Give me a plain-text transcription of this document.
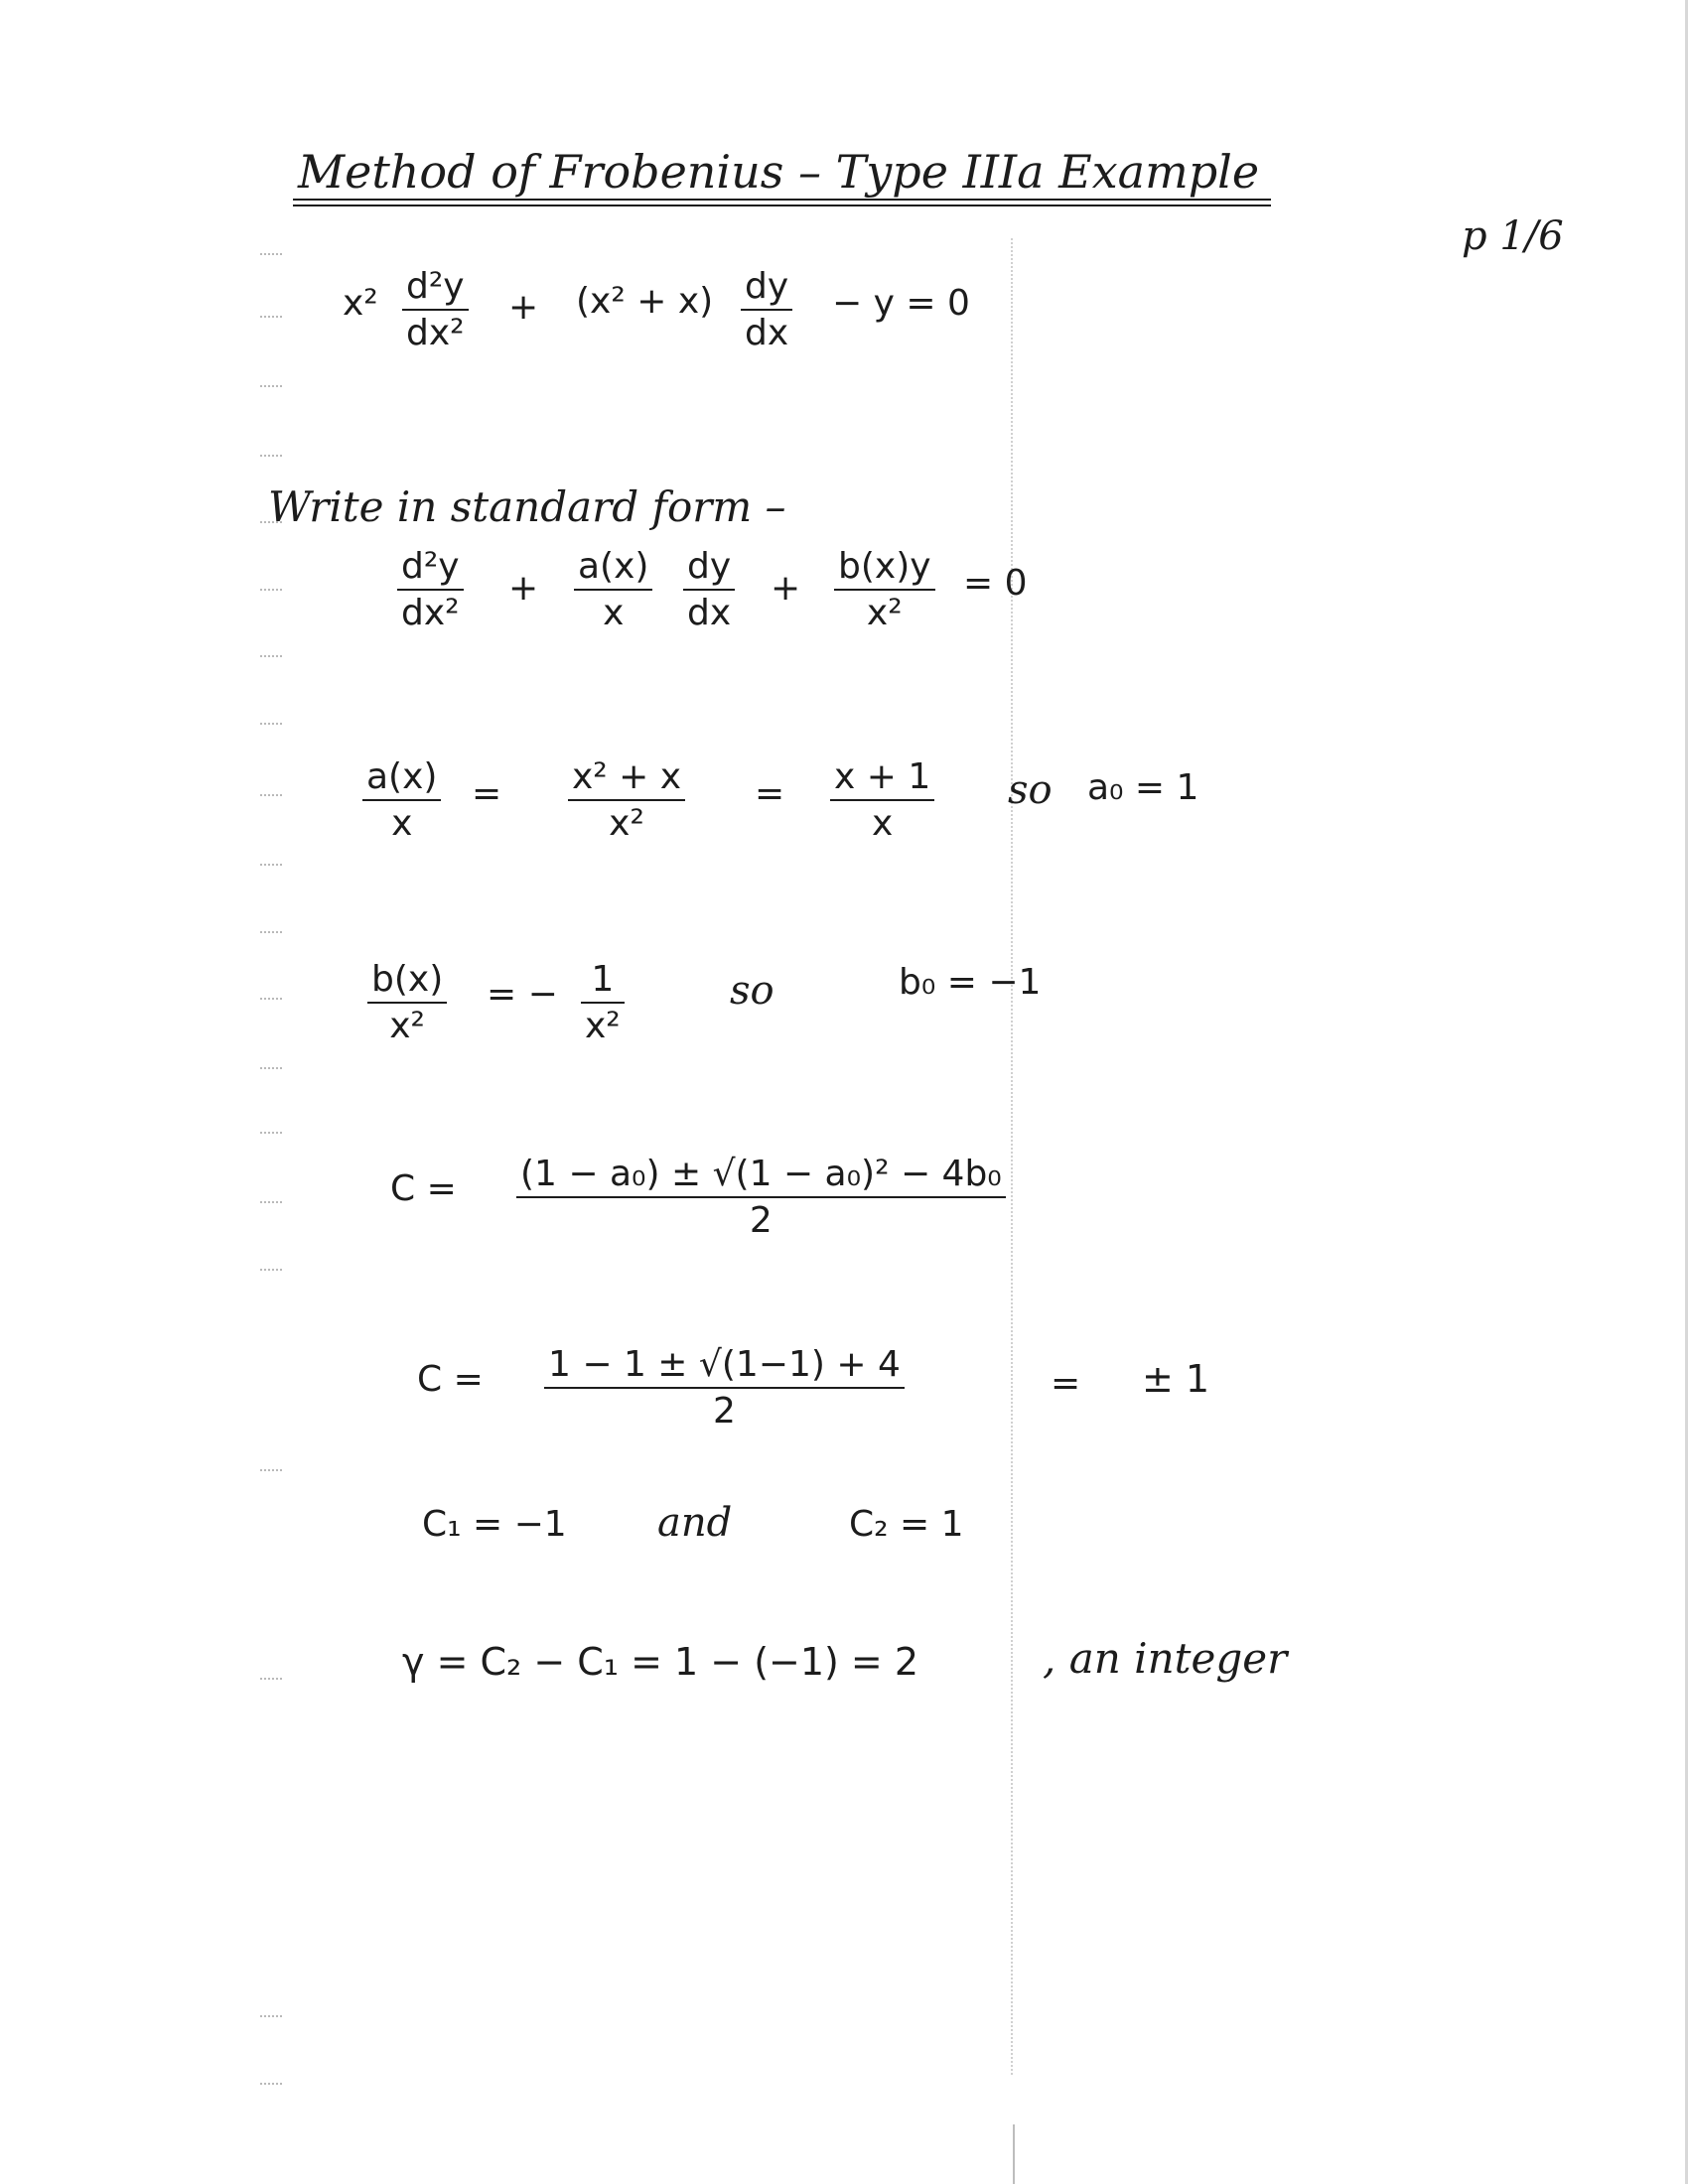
Method of Frobenius – Type IIIa Example
p 1/6
x² d²y
dx²
+ (x² + x) dy
dx
− y = 0
Write in standard form –
d²y
dx²
+
a(x)
x
dy
dx
+
b(x)y
x²
= 0
a(x)
x
= x² + x
x²
= x + 1
x
so a₀ = 1
b(x)
x²
= − 1
x²
so	b₀ = −1
C = (1 − a₀) ± √(1 − a₀)² − 4b₀
2
C = 1 − 1 ± √(1−1) + 4
2
= ± 1
C₁ = −1 and	C₂ = 1
γ = C₂ − C₁ = 1 − (−1) = 2	, an integer
